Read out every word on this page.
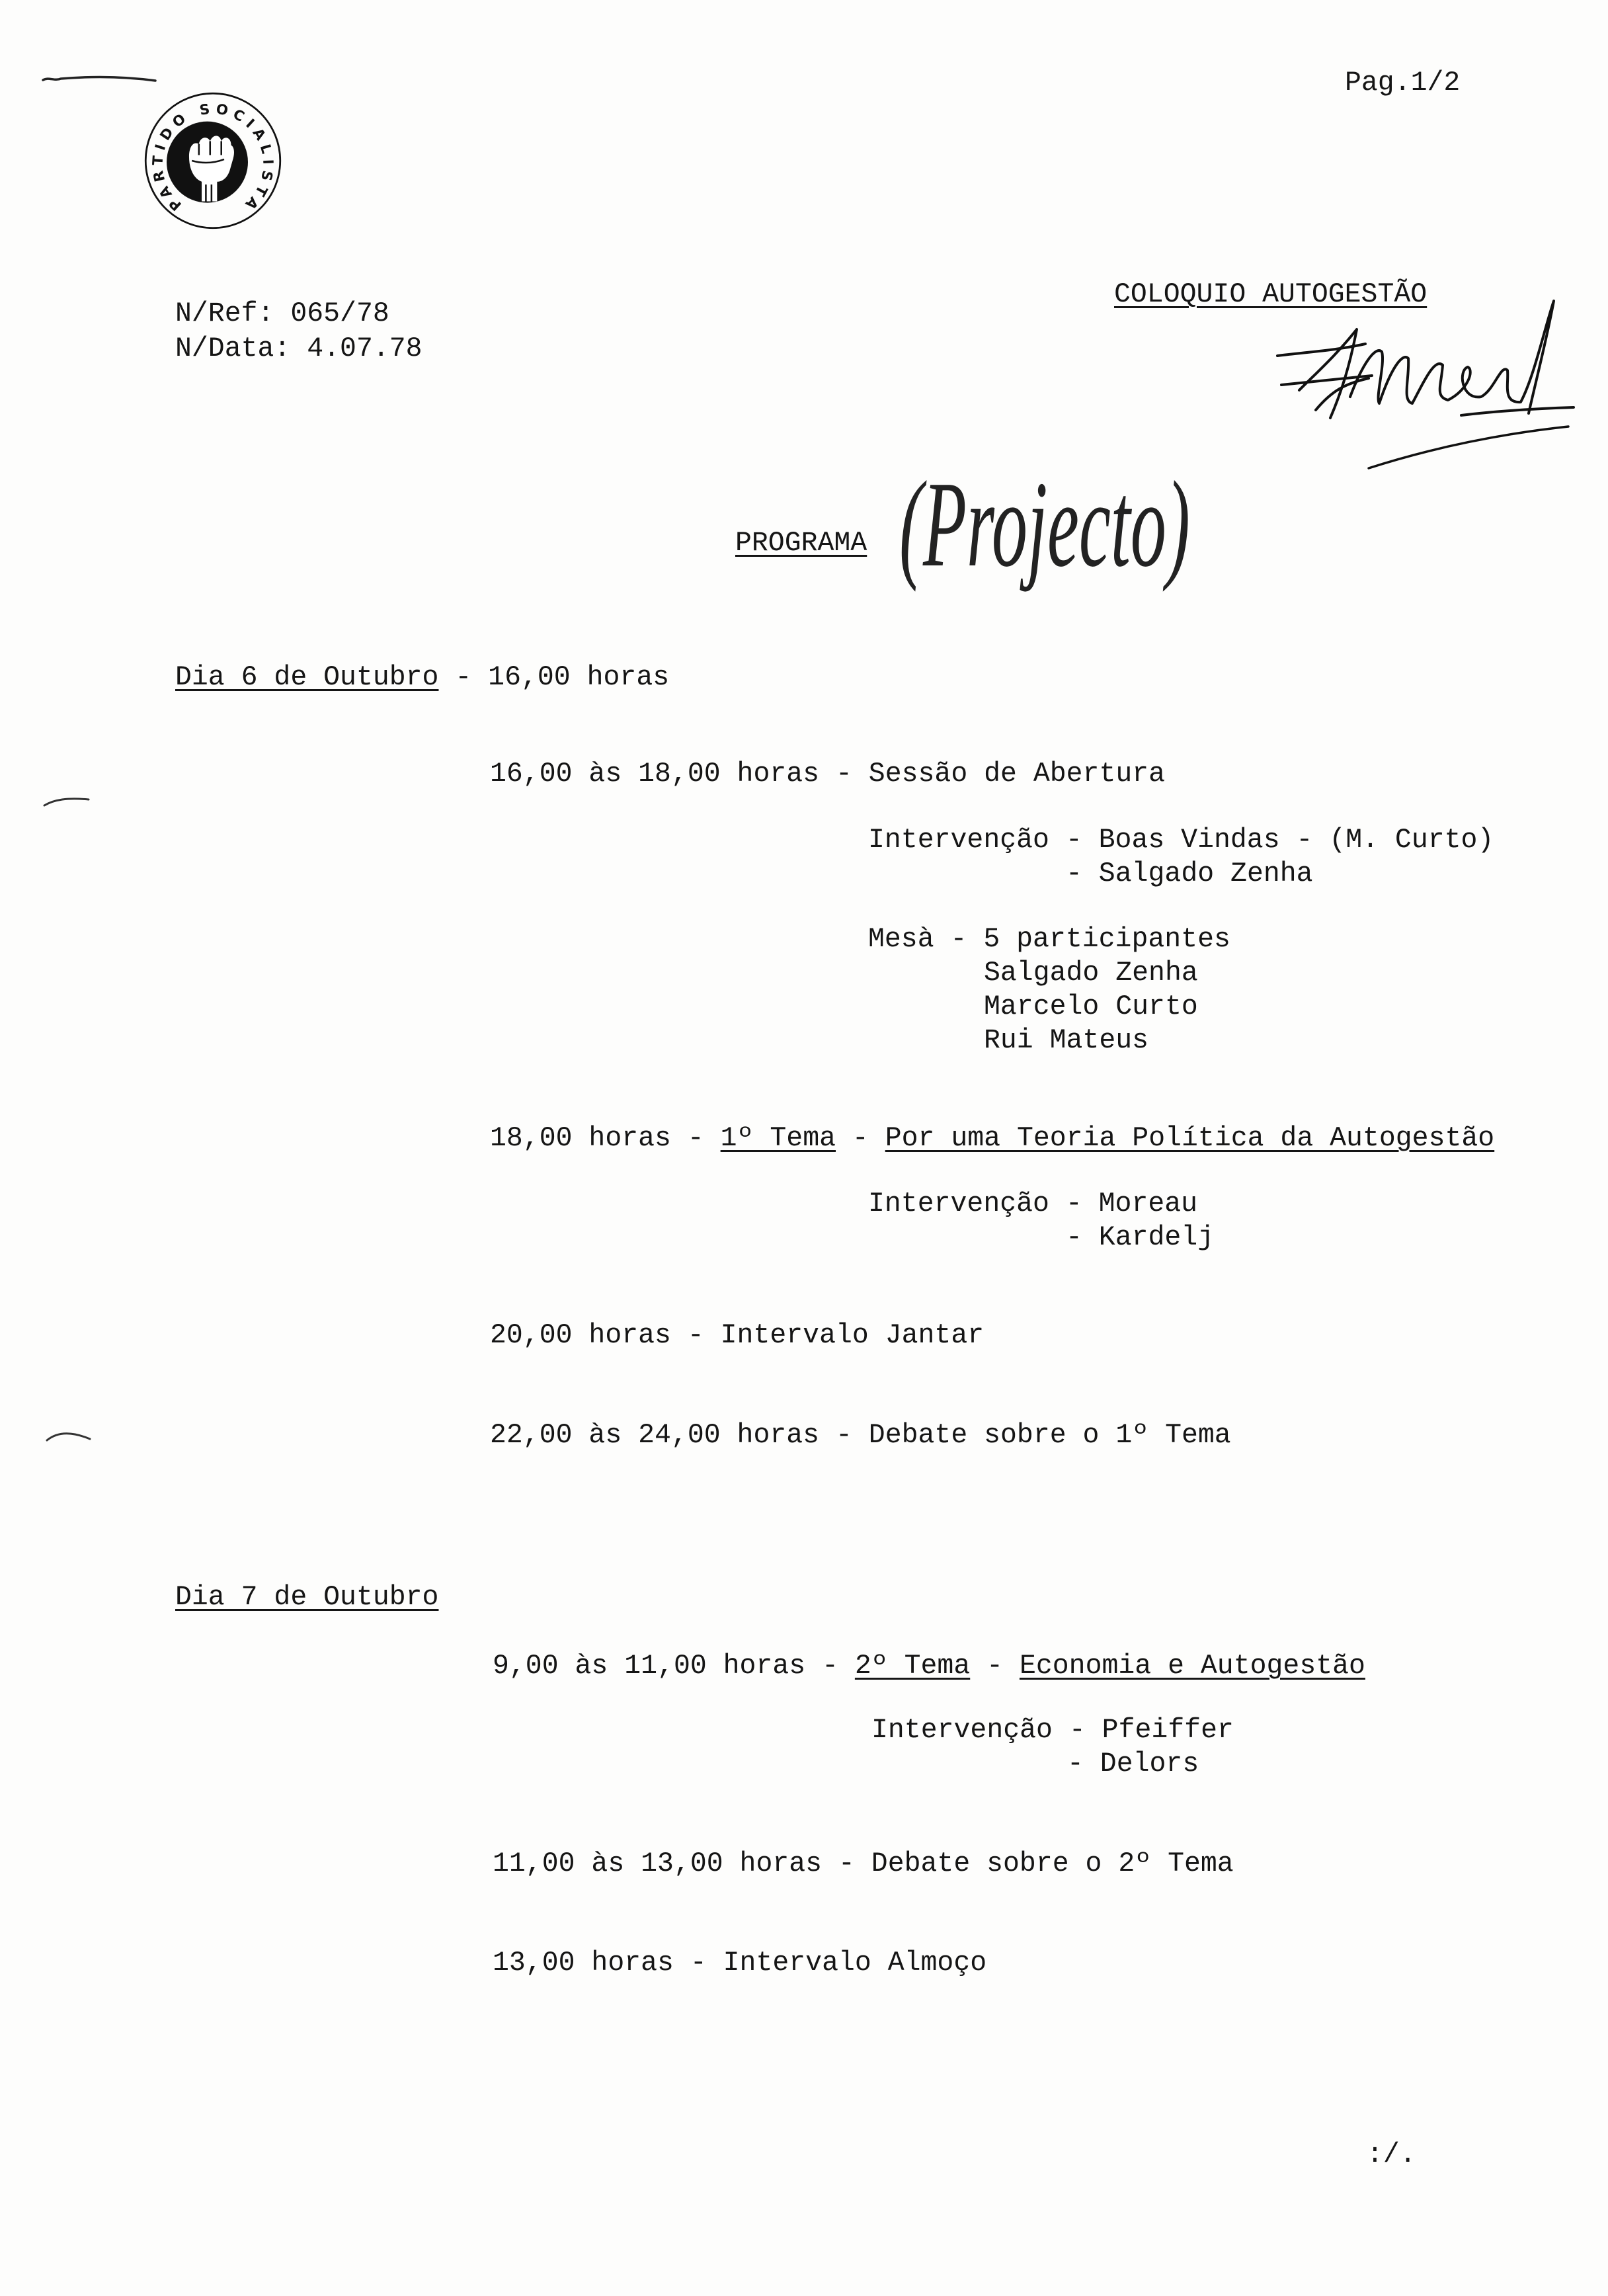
Pag.1/2
PARTIDO SOCIALISTA
N/Ref: 065/78
N/Data: 4.07.78
COLOQUIO AUTOGESTÃO
PROGRAMA (Projecto)
Dia 6 de Outubro - 16,00 horas
16,00 às 18,00 horas - Sessão de Abertura
Intervenção - Boas Vindas - (M. Curto)
- Salgado Zenha
Mesà - 5 participantes
Salgado Zenha
Marcelo Curto
Rui Mateus
18,00 horas - 1º Tema - Por uma Teoria Política da Autogestão
Intervenção - Moreau
- Kardelj
20,00 horas - Intervalo Jantar
22,00 às 24,00 horas - Debate sobre o 1º Tema
Dia 7 de Outubro
9,00 às 11,00 horas - 2º Tema - Economia e Autogestão
Intervenção - Pfeiffer
- Delors
11,00 às 13,00 horas - Debate sobre o 2º Tema
13,00 horas - Intervalo Almoço
:/.
